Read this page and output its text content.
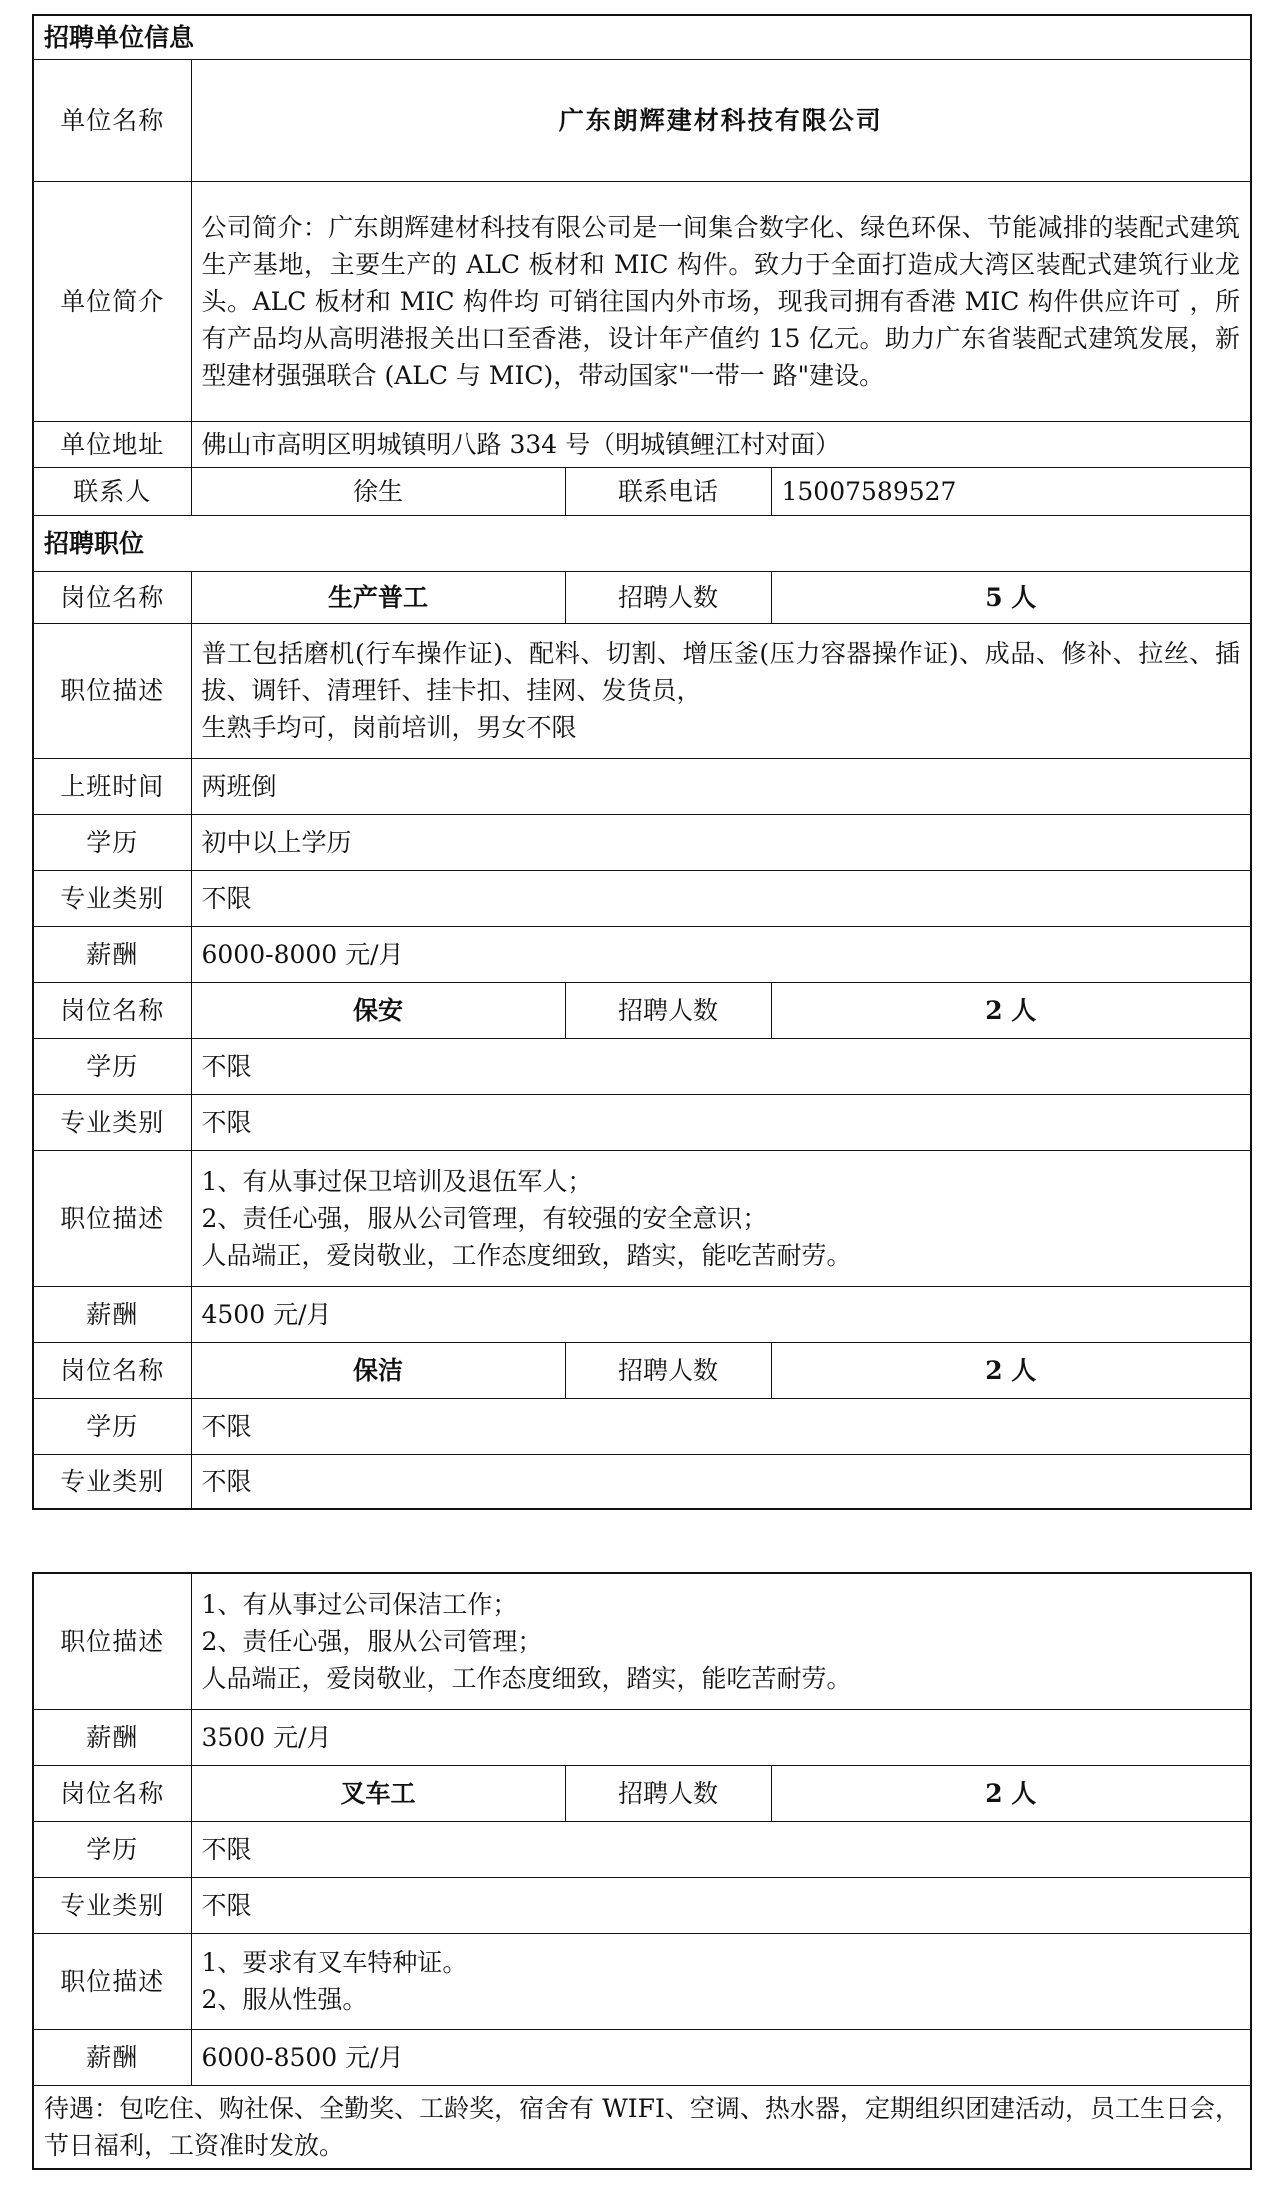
招聘单位信息			
单位名称	广东朗辉建材科技有限公司		
单位简介	公司简介：广东朗辉建材科技有限公司是一间集合数字化、绿色环保、节能减排的装配式建筑生产基地，主要生产的 ALC 板材和 MIC 构件。致力于全面打造成大湾区装配式建筑行业龙头。ALC 板材和 MIC 构件均 可销往国内外市场，现我司拥有香港 MIC 构件供应许可 ，所有产品均从高明港报关出口至香港，设计年产值约 15 亿元。助力广东省装配式建筑发展，新型建材强强联合 (ALC 与 MIC)，带动国家"一带一 路"建设。		
单位地址	佛山市高明区明城镇明八路 334 号（明城镇鲤江村对面）		
联系人	徐生	联系电话	15007589527
招聘职位			
岗位名称	生产普工	招聘人数	5 人
职位描述	普工包括磨机(行车操作证)、配料、切割、增压釜(压力容器操作证)、成品、修补、拉丝、插拔、调钎、清理钎、挂卡扣、挂网、发货员，
生熟手均可，岗前培训，男女不限		

上班时间	两班倒		
学历	初中以上学历		
专业类别	不限		
薪酬	6000-8000 元/月		
岗位名称	保安	招聘人数	2 人
学历	不限		
专业类别	不限		
职位描述	1、有从事过保卫培训及退伍军人；
2、责任心强，服从公司管理，有较强的安全意识；
人品端正，爱岗敬业，工作态度细致，踏实，能吃苦耐劳。		

薪酬	4500 元/月		
岗位名称	保洁	招聘人数	2 人
学历	不限		
专业类别	不限		
职位描述	1、有从事过公司保洁工作；
2、责任心强，服从公司管理；
人品端正，爱岗敬业，工作态度细致，踏实，能吃苦耐劳。		

薪酬	3500 元/月		
岗位名称	叉车工	招聘人数	2 人
学历	不限		
专业类别	不限		
职位描述	1、要求有叉车特种证。
2、服从性强。		

薪酬	6000-8500 元/月		
待遇：包吃住、购社保、全勤奖、工龄奖，宿舍有 WIFI、空调、热水器，定期组织团建活动，员工生日会，节日福利，工资准时发放。			
